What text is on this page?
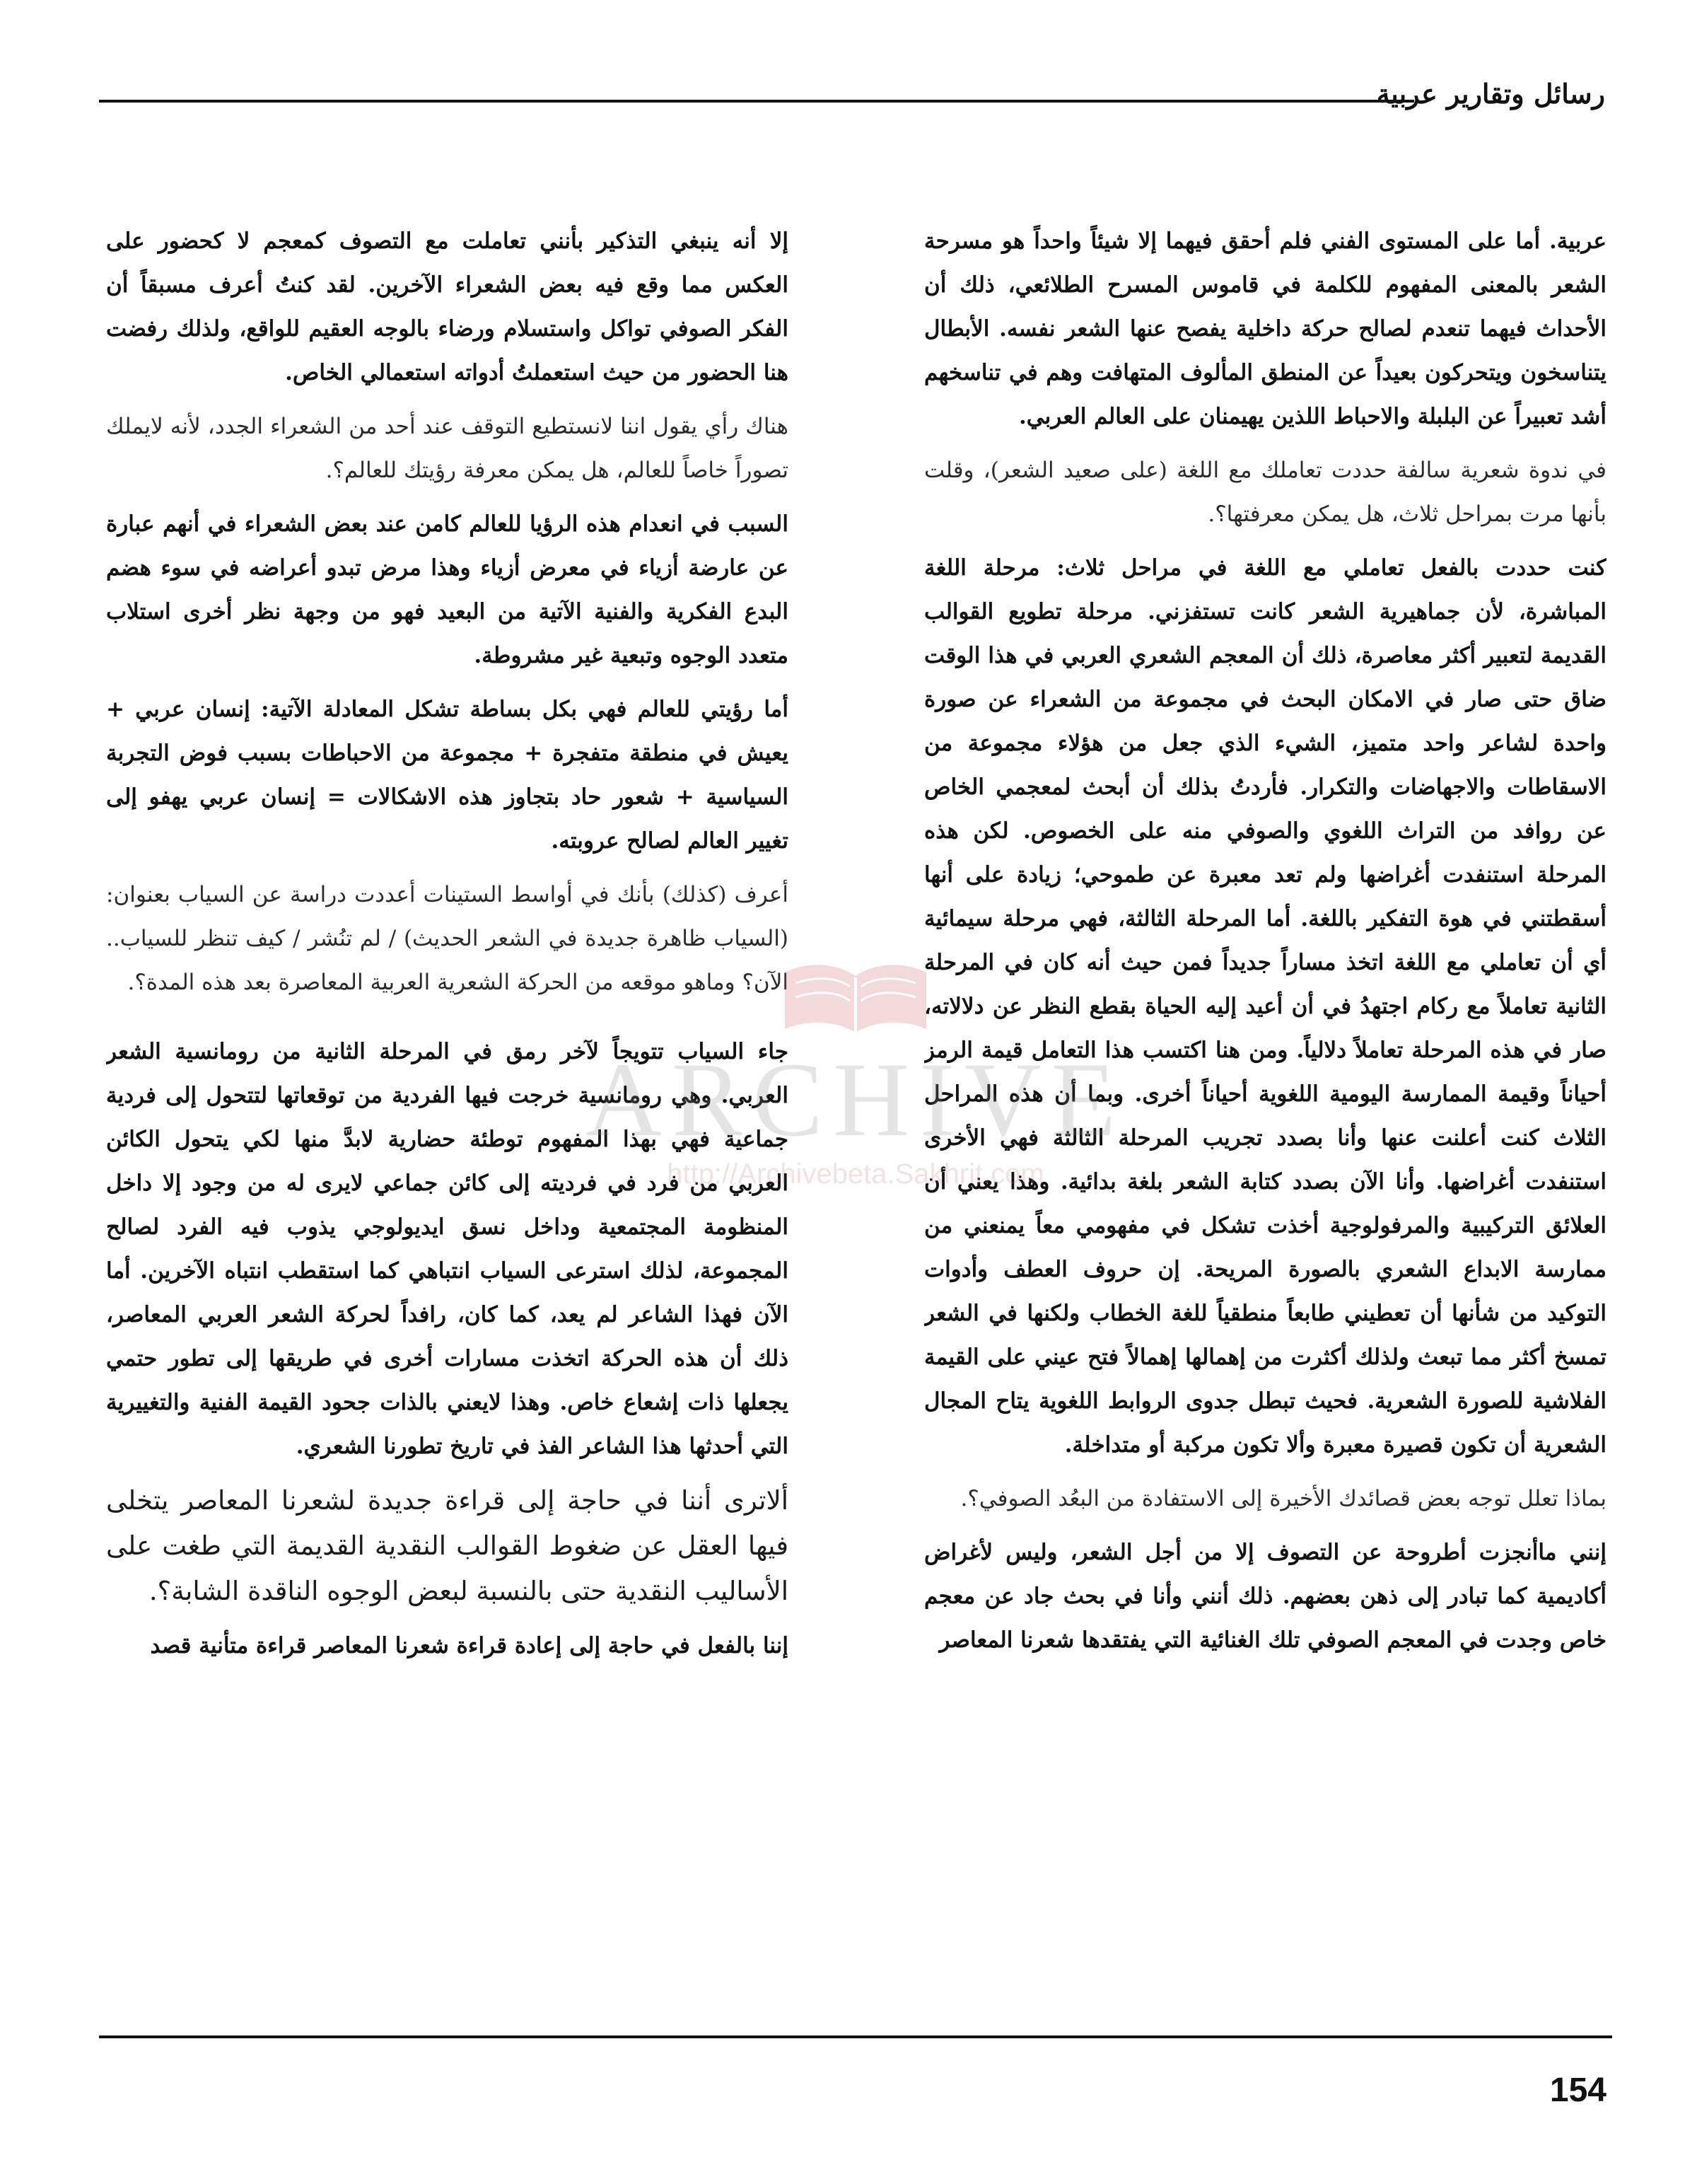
رسائل وتقارير عربية

عربية. أما على المستوى الفني فلم أحقق فيهما إلا شيئاً واحداً هو مسرحة الشعر بالمعنى المفهوم للكلمة في قاموس المسرح الطلائعي، ذلك أن الأحداث فيهما تنعدم لصالح حركة داخلية يفصح عنها الشعر نفسه. الأبطال يتناسخون ويتحركون بعيداً عن المنطق المألوف المتهافت وهم في تناسخهم أشد تعبيراً عن البلبلة والاحباط اللذين يهيمنان على العالم العربي.

في ندوة شعرية سالفة حددت تعاملك مع اللغة (على صعيد الشعر)، وقلت بأنها مرت بمراحل ثلاث، هل يمكن معرفتها؟.

كنت حددت بالفعل تعاملي مع اللغة في مراحل ثلاث: مرحلة اللغة المباشرة، لأن جماهيرية الشعر كانت تستفزني. مرحلة تطويع القوالب القديمة لتعبير أكثر معاصرة، ذلك أن المعجم الشعري العربي في هذا الوقت ضاق حتى صار في الامكان البحث في مجموعة من الشعراء عن صورة واحدة لشاعر واحد متميز، الشيء الذي جعل من هؤلاء مجموعة من الاسقاطات والاجهاضات والتكرار. فأردتُ بذلك أن أبحث لمعجمي الخاص عن روافد من التراث اللغوي والصوفي منه على الخصوص. لكن هذه المرحلة استنفدت أغراضها ولم تعد معبرة عن طموحي؛ زيادة على أنها أسقطتني في هوة التفكير باللغة. أما المرحلة الثالثة، فهي مرحلة سيمائية أي أن تعاملي مع اللغة اتخذ مساراً جديداً فمن حيث أنه كان في المرحلة الثانية تعاملاً مع ركام اجتهدُ في أن أعيد إليه الحياة بقطع النظر عن دلالاته، صار في هذه المرحلة تعاملاً دلالياً. ومن هنا اكتسب هذا التعامل قيمة الرمز أحياناً وقيمة الممارسة اليومية اللغوية أحياناً أخرى. وبما أن هذه المراحل الثلاث كنت أعلنت عنها وأنا بصدد تجريب المرحلة الثالثة فهي الأخرى استنفدت أغراضها. وأنا الآن بصدد كتابة الشعر بلغة بدائية. وهذا يعني أن العلائق التركيبية والمرفولوجية أخذت تشكل في مفهومي معاً يمنعني من ممارسة الابداع الشعري بالصورة المريحة. إن حروف العطف وأدوات التوكيد من شأنها أن تعطيني طابعاً منطقياً للغة الخطاب ولكنها في الشعر تمسخ أكثر مما تبعث ولذلك أكثرت من إهمالها إهمالاً فتح عيني على القيمة الفلاشية للصورة الشعرية. فحيث تبطل جدوى الروابط اللغوية يتاح المجال الشعرية أن تكون قصيرة معبرة وألا تكون مركبة أو متداخلة.

بماذا تعلل توجه بعض قصائدك الأخيرة إلى الاستفادة من البعُد الصوفي؟.

إنني ماأنجزت أطروحة عن التصوف إلا من أجل الشعر، وليس لأغراض أكاديمية كما تبادر إلى ذهن بعضهم. ذلك أنني وأنا في بحث جاد عن معجم خاص وجدت في المعجم الصوفي تلك الغنائية التي يفتقدها شعرنا المعاصر

إلا أنه ينبغي التذكير بأنني تعاملت مع التصوف كمعجم لا كحضور على العكس مما وقع فيه بعض الشعراء الآخرين. لقد كنتُ أعرف مسبقاً أن الفكر الصوفي تواكل واستسلام ورضاء بالوجه العقيم للواقع، ولذلك رفضت هنا الحضور من حيث استعملتُ أدواته استعمالي الخاص.

هناك رأي يقول اننا لانستطيع التوقف عند أحد من الشعراء الجدد، لأنه لايملك تصوراً خاصاً للعالم، هل يمكن معرفة رؤيتك للعالم؟.

السبب في انعدام هذه الرؤيا للعالم كامن عند بعض الشعراء في أنهم عبارة عن عارضة أزياء في معرض أزياء وهذا مرض تبدو أعراضه في سوء هضم البدع الفكرية والفنية الآتية من البعيد فهو من وجهة نظر أخرى استلاب متعدد الوجوه وتبعية غير مشروطة.

أما رؤيتي للعالم فهي بكل بساطة تشكل المعادلة الآتية: إنسان عربي + يعيش في منطقة متفجرة + مجموعة من الاحباطات بسبب فوض التجربة السياسية + شعور حاد بتجاوز هذه الاشكالات = إنسان عربي يهفو إلى تغيير العالم لصالح عروبته.

أعرف (كذلك) بأنك في أواسط الستينات أعددت دراسة عن السياب بعنوان: (السياب ظاهرة جديدة في الشعر الحديث) / لم تنُشر / كيف تنظر للسياب.. الآن؟ وماهو موقعه من الحركة الشعرية العربية المعاصرة بعد هذه المدة؟.

جاء السياب تتويجاً لآخر رمق في المرحلة الثانية من رومانسية الشعر العربي. وهي رومانسية خرجت فيها الفردية من توقعاتها لتتحول إلى فردية جماعية فهي بهذا المفهوم توطئة حضارية لابدَّ منها لكي يتحول الكائن العربي من فرد في فرديته إلى كائن جماعي لايرى له من وجود إلا داخل المنظومة المجتمعية وداخل نسق ايديولوجي يذوب فيه الفرد لصالح المجموعة، لذلك استرعى السياب انتباهي كما استقطب انتباه الآخرين. أما الآن فهذا الشاعر لم يعد، كما كان، رافداً لحركة الشعر العربي المعاصر، ذلك أن هذه الحركة اتخذت مسارات أخرى في طريقها إلى تطور حتمي يجعلها ذات إشعاع خاص. وهذا لايعني بالذات جحود القيمة الفنية والتغييرية التي أحدثها هذا الشاعر الفذ في تاريخ تطورنا الشعري.

ألاترى أننا في حاجة إلى قراءة جديدة لشعرنا المعاصر يتخلى فيها العقل عن ضغوط القوالب النقدية القديمة التي طغت على الأساليب النقدية حتى بالنسبة لبعض الوجوه الناقدة الشابة؟.

إننا بالفعل في حاجة إلى إعادة قراءة شعرنا المعاصر قراءة متأنية قصد

ARCHIVE
http://Archivebeta.Sakhrit.com
154
